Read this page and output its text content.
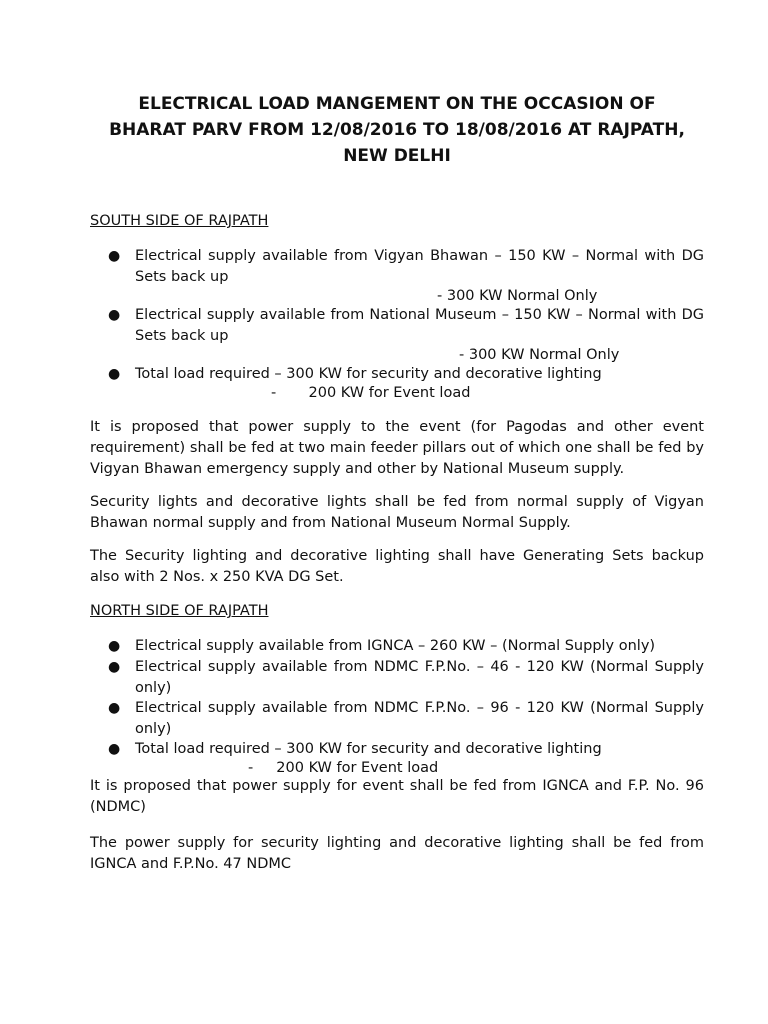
ELECTRICAL LOAD MANGEMENT ON THE OCCASION OF
BHARAT PARV FROM 12/08/2016 TO 18/08/2016 AT RAJPATH,
NEW DELHI
SOUTH SIDE OF RAJPATH
● Electrical supply available from Vigyan Bhawan – 150 KW – Normal with DG Sets back up
- 300 KW Normal Only
● Electrical supply available from National Museum – 150 KW – Normal with DG Sets back up
- 300 KW Normal Only
● Total load required – 300 KW for security and decorative lighting
-       200 KW for Event load
It is proposed that power supply to the event (for Pagodas and other event requirement) shall be fed at two main feeder pillars out of which one shall be fed by Vigyan Bhawan emergency supply and other by National Museum supply.
Security lights and decorative lights shall be fed from normal supply of Vigyan Bhawan normal supply and from National Museum Normal Supply.
The Security lighting and decorative lighting shall have Generating Sets backup also with 2 Nos. x 250 KVA DG Set.
NORTH SIDE OF RAJPATH
● Electrical supply available from IGNCA – 260 KW – (Normal Supply only)
● Electrical supply available from NDMC F.P.No. – 46 - 120 KW (Normal Supply only)
● Electrical supply available from NDMC F.P.No. – 96 - 120 KW (Normal Supply only)
● Total load required – 300 KW for security and decorative lighting
-     200 KW for Event load
It is proposed that power supply for event shall be fed from IGNCA and F.P. No. 96 (NDMC)
The power supply for security lighting and decorative lighting shall be fed from IGNCA and F.P.No. 47 NDMC
